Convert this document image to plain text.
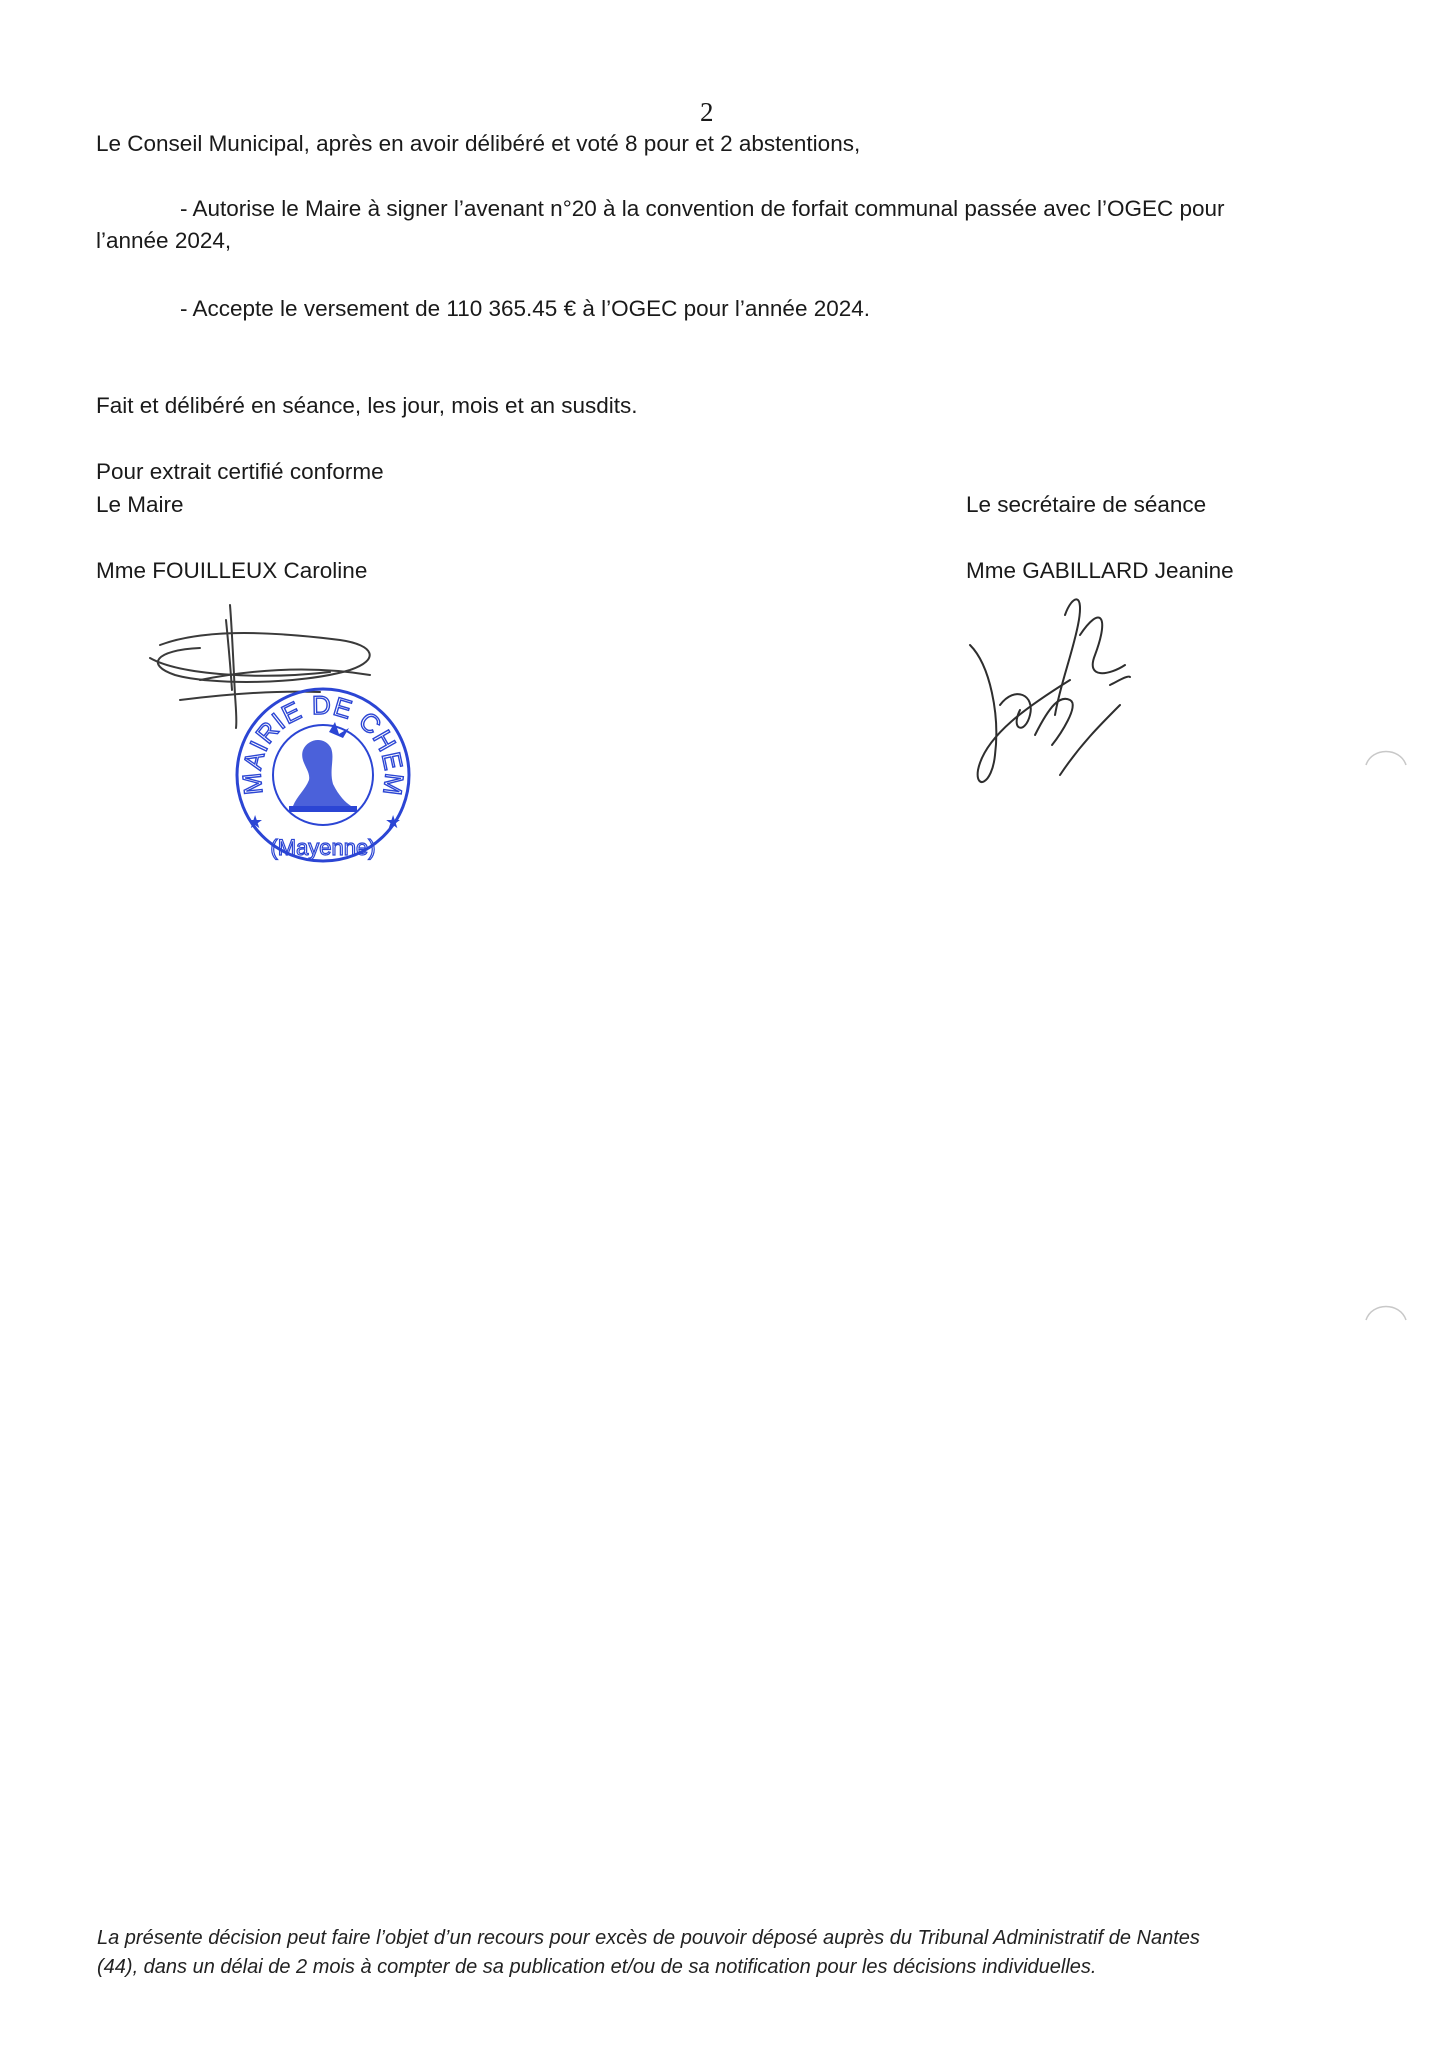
2

Le Conseil Municipal, après en avoir délibéré et voté 8 pour et 2 abstentions,

- Autorise le Maire à signer l’avenant n°20 à la convention de forfait communal passée avec l’OGEC pour

l’année 2024,

- Accepte le versement de 110 365.45 € à l’OGEC pour l’année 2024.

Fait et délibéré en séance, les jour, mois et an susdits.

Pour extrait certifié conforme

Le Maire

Mme FOUILLEUX Caroline

Le secrétaire de séance

Mme GABILLARD Jeanine

MAIRIE DE CHEMAZE
(Mayenne)
★	★
La présente décision peut faire l’objet d’un recours pour excès de pouvoir déposé auprès du Tribunal Administratif de Nantes
(44), dans un délai de 2 mois à compter de sa publication et/ou de sa notification pour les décisions individuelles.
